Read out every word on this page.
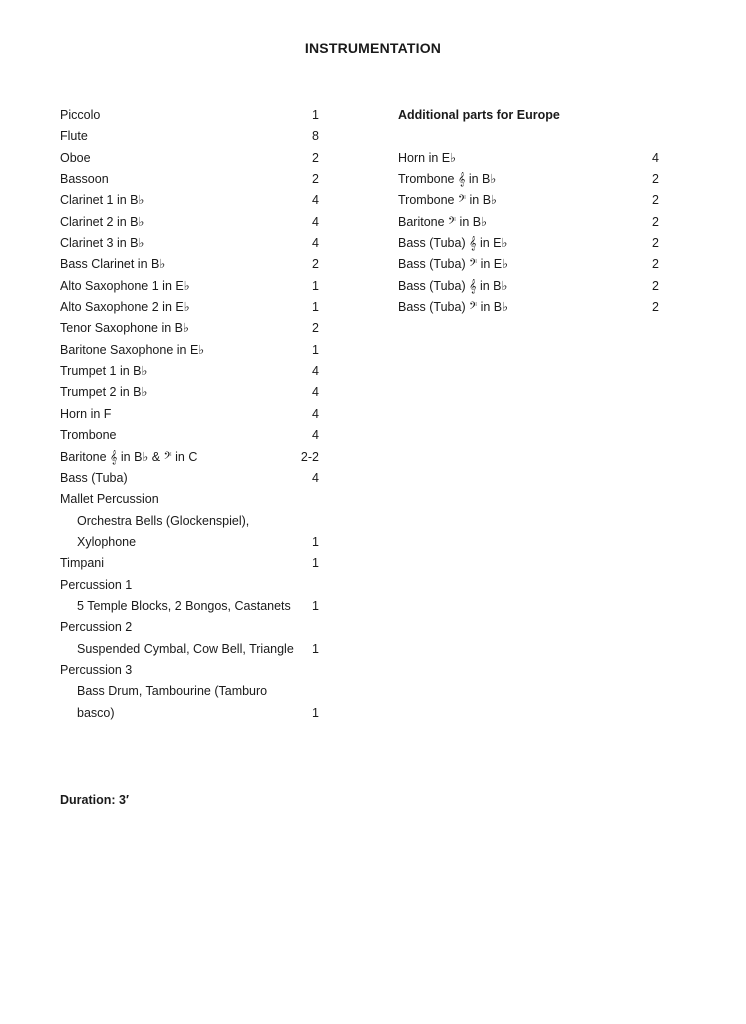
INSTRUMENTATION
Piccolo	1
Flute	8
Oboe	2
Bassoon	2
Clarinet 1 in B♭	4
Clarinet 2 in B♭	4
Clarinet 3 in B♭	4
Bass Clarinet in B♭	2
Alto Saxophone 1 in E♭	1
Alto Saxophone 2 in E♭	1
Tenor Saxophone in B♭	2
Baritone Saxophone in E♭	1
Trumpet 1 in B♭	4
Trumpet 2 in B♭	4
Horn in F	4
Trombone	4
Baritone 𝄞 in B♭ & 𝄢 in C	2-2
Bass (Tuba)	4
Mallet Percussion
Orchestra Bells (Glockenspiel),
Xylophone	1
Timpani	1
Percussion 1
5 Temple Blocks, 2 Bongos, Castanets 1
Percussion 2
Suspended Cymbal, Cow Bell, Triangle 1
Percussion 3
Bass Drum, Tambourine (Tamburo
basco)	1
Additional parts for Europe
Horn in E♭	4
Trombone 𝄞 in B♭	2
Trombone 𝄢 in B♭	2
Baritone 𝄢 in B♭	2
Bass (Tuba) 𝄞 in E♭	2
Bass (Tuba) 𝄢 in E♭	2
Bass (Tuba) 𝄞 in B♭	2
Bass (Tuba) 𝄢 in B♭	2
Duration: 3′
